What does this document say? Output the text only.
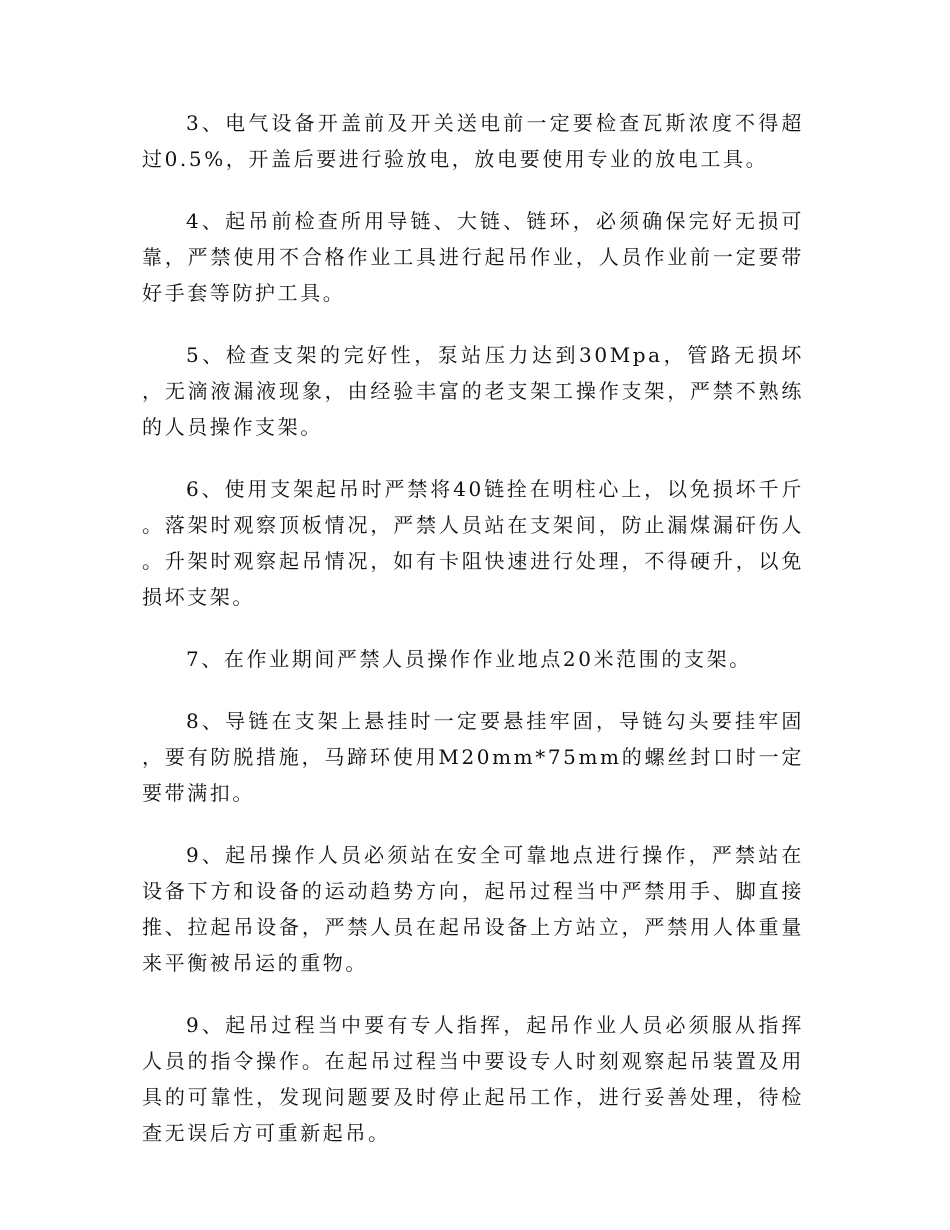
3、电气设备开盖前及开关送电前一定要检查瓦斯浓度不得超过0.5%，开盖后要进行验放电，放电要使用专业的放电工具。

4、起吊前检查所用导链、大链、链环，必须确保完好无损可靠，严禁使用不合格作业工具进行起吊作业，人员作业前一定要带好手套等防护工具。

5、检查支架的完好性，泵站压力达到30Mpa，管路无损坏，无滴液漏液现象，由经验丰富的老支架工操作支架，严禁不熟练的人员操作支架。

6、使用支架起吊时严禁将40链拴在明柱心上，以免损坏千斤。落架时观察顶板情况，严禁人员站在支架间，防止漏煤漏矸伤人。升架时观察起吊情况，如有卡阻快速进行处理，不得硬升，以免损坏支架。

7、在作业期间严禁人员操作作业地点20米范围的支架。

8、导链在支架上悬挂时一定要悬挂牢固，导链勾头要挂牢固，要有防脱措施，马蹄环使用M20mm*75mm的螺丝封口时一定要带满扣。

9、起吊操作人员必须站在安全可靠地点进行操作，严禁站在设备下方和设备的运动趋势方向，起吊过程当中严禁用手、脚直接推、拉起吊设备，严禁人员在起吊设备上方站立，严禁用人体重量来平衡被吊运的重物。

9、起吊过程当中要有专人指挥，起吊作业人员必须服从指挥人员的指令操作。在起吊过程当中要设专人时刻观察起吊装置及用具的可靠性，发现问题要及时停止起吊工作，进行妥善处理，待检查无误后方可重新起吊。
